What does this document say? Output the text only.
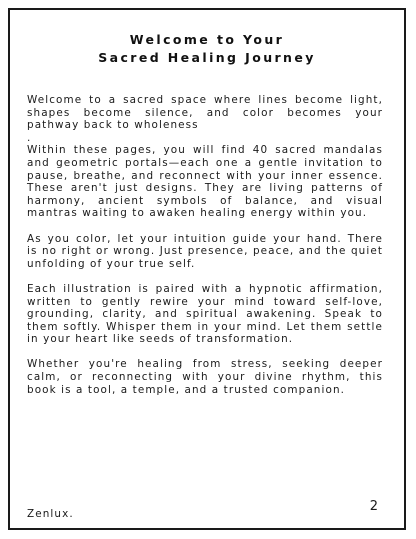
Welcome to Your
Sacred Healing Journey

Welcome to a sacred space where lines become light, shapes become silence, and color becomes your pathway back to wholeness

.

Within these pages, you will find 40 sacred mandalas and geometric portals—each one a gentle invitation to pause, breathe, and reconnect with your inner essence. These aren't just designs. They are living patterns of harmony, ancient symbols of balance, and visual mantras waiting to awaken healing energy within you.

As you color, let your intuition guide your hand. There is no right or wrong. Just presence, peace, and the quiet unfolding of your true self.

Each illustration is paired with a hypnotic affirmation, written to gently rewire your mind toward self-love, grounding, clarity, and spiritual awakening. Speak to them softly. Whisper them in your mind. Let them settle in your heart like seeds of transformation.

Whether you're healing from stress, seeking deeper calm, or reconnecting with your divine rhythm, this book is a tool, a temple, and a trusted companion.

2
Zenlux.
